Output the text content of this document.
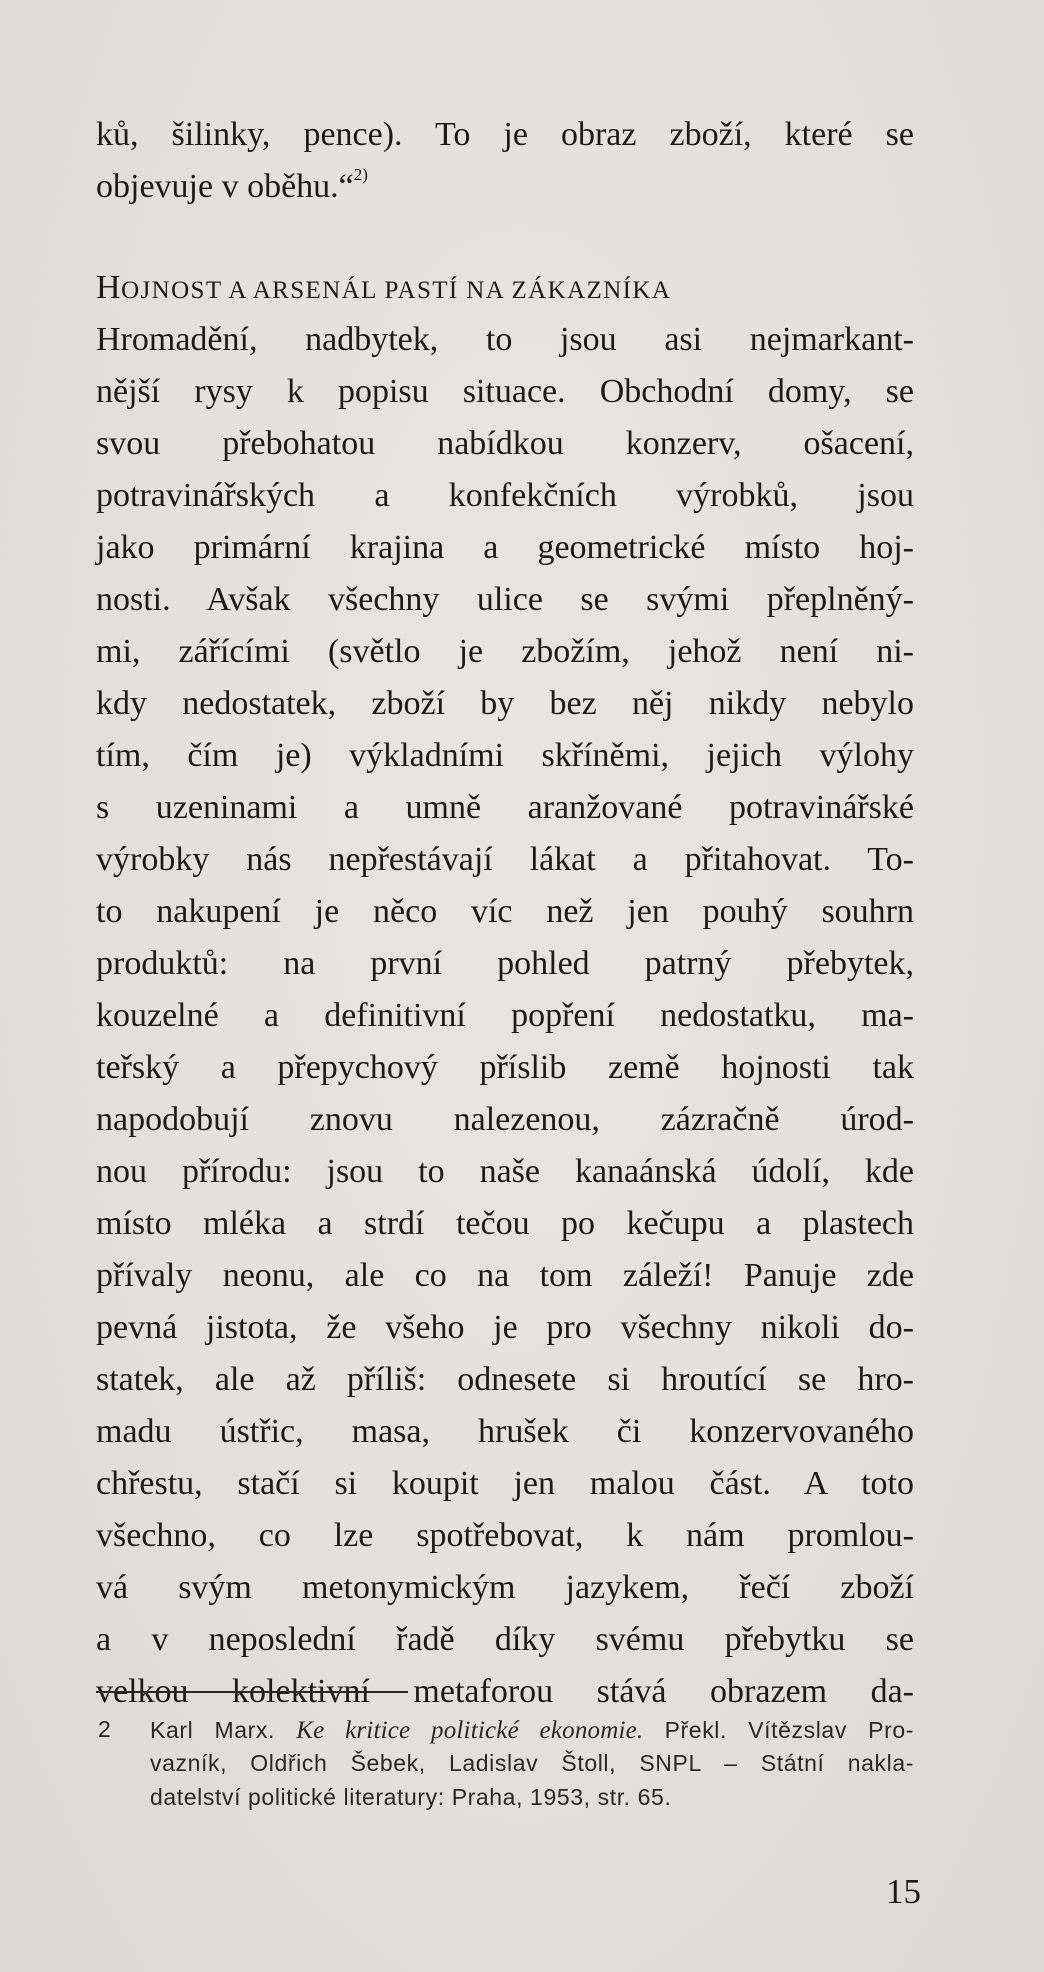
ků, šilinky, pence). To je obraz zboží, které se
objevuje v oběhu.“$^{2)}$
HOJNOST A ARSENÁL PASTÍ NA ZÁKAZNÍKA
Hromadění, nadbytek, to jsou asi nejmarkant-
nější rysy k popisu situace. Obchodní domy, se
svou přebohatou nabídkou konzerv, ošacení,
potravinářských a konfekčních výrobků, jsou
jako primární krajina a geometrické místo hoj-
nosti. Avšak všechny ulice se svými přeplněný-
mi, zářícími (světlo je zbožím, jehož není ni-
kdy nedostatek, zboží by bez něj nikdy nebylo
tím, čím je) výkladními skříněmi, jejich výlohy
s uzeninami a umně aranžované potravinářské
výrobky nás nepřestávají lákat a přitahovat. To-
to nakupení je něco víc než jen pouhý souhrn
produktů: na první pohled patrný přebytek,
kouzelné a definitivní popření nedostatku, ma-
teřský a přepychový příslib země hojnosti tak
napodobují znovu nalezenou, zázračně úrod-
nou přírodu: jsou to naše kanaánská údolí, kde
místo mléka a strdí tečou po kečupu a plastech
přívaly neonu, ale co na tom záleží! Panuje zde
pevná jistota, že všeho je pro všechny nikoli do-
statek, ale až příliš: odnesete si hroutící se hro-
madu ústřic, masa, hrušek či konzervovaného
chřestu, stačí si koupit jen malou část. A toto
všechno, co lze spotřebovat, k nám promlou-
vá svým metonymickým jazykem, řečí zboží
a v neposlední řadě díky svému přebytku se
velkou kolektivní metaforou stává obrazem da-
2 Karl Marx. Ke kritice politické ekonomie. Překl. Vítězslav Pro-
vazník, Oldřich Šebek, Ladislav Štoll, SNPL – Státní nakla-
datelství politické literatury: Praha, 1953, str. 65.
15
